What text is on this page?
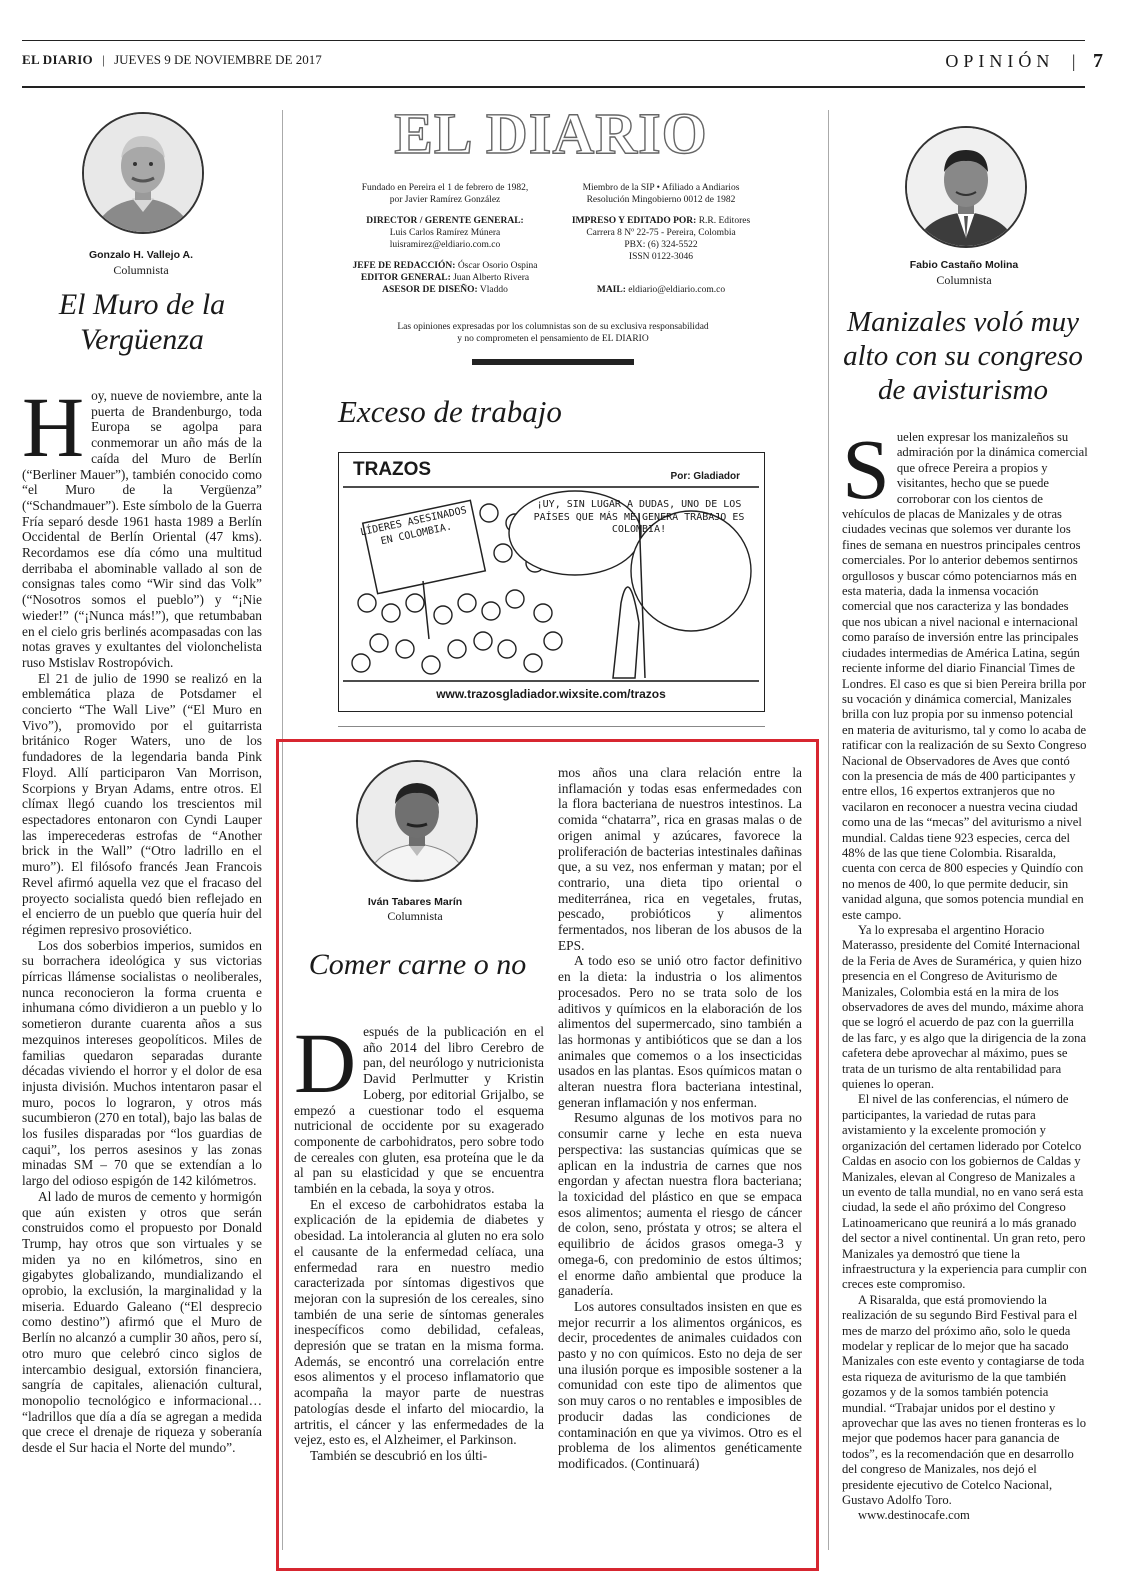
EL DIARIO | JUEVES 9 DE NOVIEMBRE DE 2017	OPINIÓN | 7
Gonzalo H. Vallejo A.
Columnista
El Muro de la
Vergüenza

Hoy, nueve de noviembre, ante la puerta de Brandenburgo, toda Europa se agolpa para conmemorar un año más de la caída del Muro de Berlín (“Berliner Mauer”), también conocido como “el Muro de la Vergüenza” (“Schandmauer”). Este símbolo de la Guerra Fría separó desde 1961 hasta 1989 a Berlín Occidental de Berlín Oriental (47 kms). Recordamos ese día cómo una multitud derribaba el abominable vallado al son de consignas tales como “Wir sind das Volk” (“Nosotros somos el pueblo”) y “¡Nie wieder!” (“¡Nunca más!”), que retumbaban en el cielo gris berlinés acompasadas con las notas graves y exultantes del violonchelista ruso Mstislav Rostropóvich.

El 21 de julio de 1990 se realizó en la emblemática plaza de Potsdamer el concierto “The Wall Live” (“El Muro en Vivo”), promovido por el guitarrista británico Roger Waters, uno de los fundadores de la legendaria banda Pink Floyd. Allí participaron Van Morrison, Scorpions y Bryan Adams, entre otros. El clímax llegó cuando los trescientos mil espectadores entonaron con Cyndi Lauper las imperecederas estrofas de “Another brick in the Wall” (“Otro ladrillo en el muro”). El filósofo francés Jean Francois Revel afirmó aquella vez que el fracaso del proyecto socialista quedó bien reflejado en el encierro de un pueblo que quería huir del régimen represivo prosoviético.

Los dos soberbios imperios, sumidos en su borrachera ideológica y sus victorias pírricas llámense socialistas o neoliberales, nunca reconocieron la forma cruenta e inhumana cómo dividieron a un pueblo y lo sometieron durante cuarenta años a sus mezquinos intereses geopolíticos. Miles de familias quedaron separadas durante décadas viviendo el horror y el dolor de esa injusta división. Muchos intentaron pasar el muro, pocos lo lograron, y otros más sucumbieron (270 en total), bajo las balas de los fusiles disparadas por “los guardias de caqui”, los perros asesinos y las zonas minadas SM – 70 que se extendían a lo largo del odioso espigón de 142 kilómetros.

Al lado de muros de cemento y hormigón que aún existen y otros que serán construidos como el propuesto por Donald Trump, hay otros que son virtuales y se miden ya no en kilómetros, sino en gigabytes globalizando, mundializando el oprobio, la exclusión, la marginalidad y la miseria. Eduardo Galeano (“El desprecio como destino”) afirmó que el Muro de Berlín no alcanzó a cumplir 30 años, pero sí, otro muro que celebró cinco siglos de intercambio desigual, extorsión financiera, sangría de capitales, alienación cultural, monopolio tecnológico e informacional… “ladrillos que día a día se agregan a medida que crece el drenaje de riqueza y soberanía desde el Sur hacia el Norte del mundo”.

EL DIARIO
Fundado en Pereira el 1 de febrero de 1982,
por Javier Ramírez González
DIRECTOR / GERENTE GENERAL:
Luis Carlos Ramírez Múnera
luisramirez@eldiario.com.co
JEFE DE REDACCIÓN: Óscar Osorio Ospina
EDITOR GENERAL: Juan Alberto Rivera
ASESOR DE DISEÑO: Vladdo
Miembro de la SIP • Afiliado a Andiarios
Resolución Mingobierno 0012 de 1982
IMPRESO Y EDITADO POR: R.R. Editores
Carrera 8 Nº 22-75 - Pereira, Colombia
PBX: (6) 324-5522
ISSN 0122-3046
MAIL: eldiario@eldiario.com.co
Las opiniones expresadas por los columnistas son de su exclusiva responsabilidad
y no comprometen el pensamiento de EL DIARIO
Exceso de trabajo
TRAZOS	Por: Gladiador
LÍDERES ASESINADOS EN COLOMBIA.
¡UY, SIN LUGAR A DUDAS, UNO DE LOS PAÍSES QUE MÁS ME GENERA TRABAJO ES COLOMBIA!
www.trazosgladiador.wixsite.com/trazos
Iván Tabares Marín
Columnista
Comer carne o no

Después de la publicación en el año 2014 del libro Cerebro de pan, del neurólogo y nutricionista David Perlmutter y Kristin Loberg, por editorial Grijalbo, se empezó a cuestionar todo el esquema nutricional de occidente por su exagerado componente de carbohidratos, pero sobre todo de cereales con gluten, esa proteína que le da al pan su elasticidad y que se encuentra también en la cebada, la soya y otros.

En el exceso de carbohidratos estaba la explicación de la epidemia de diabetes y obesidad. La intolerancia al gluten no era solo el causante de la enfermedad celíaca, una enfermedad rara en nuestro medio caracterizada por síntomas digestivos que mejoran con la supresión de los cereales, sino también de una serie de síntomas generales inespecíficos como debilidad, cefaleas, depresión que se tratan en la misma forma. Además, se encontró una correlación entre esos alimentos y el proceso inflamatorio que acompaña la mayor parte de nuestras patologías desde el infarto del miocardio, la artritis, el cáncer y las enfermedades de la vejez, esto es, el Alzheimer, el Parkinson.

También se descubrió en los últi-

mos años una clara relación entre la inflamación y todas esas enfermedades con la flora bacteriana de nuestros intestinos. La comida “chatarra”, rica en grasas malas o de origen animal y azúcares, favorece la proliferación de bacterias intestinales dañinas que, a su vez, nos enferman y matan; por el contrario, una dieta tipo oriental o mediterránea, rica en vegetales, frutas, pescado, probióticos y alimentos fermentados, nos liberan de los abusos de la EPS.

A todo eso se unió otro factor definitivo en la dieta: la industria o los alimentos procesados. Pero no se trata solo de los aditivos y químicos en la elaboración de los alimentos del supermercado, sino también a las hormonas y antibióticos que se dan a los animales que comemos o a los insecticidas usados en las plantas. Esos químicos matan o alteran nuestra flora bacteriana intestinal, generan inflamación y nos enferman.

Resumo algunas de los motivos para no consumir carne y leche en esta nueva perspectiva: las sustancias químicas que se aplican en la industria de carnes que nos engordan y afectan nuestra flora bacteriana; la toxicidad del plástico en que se empaca esos alimentos; aumenta el riesgo de cáncer de colon, seno, próstata y otros; se altera el equilibrio de ácidos grasos omega-3 y omega-6, con predominio de estos últimos; el enorme daño ambiental que produce la ganadería.

Los autores consultados insisten en que es mejor recurrir a los alimentos orgánicos, es decir, procedentes de animales cuidados con pasto y no con químicos. Esto no deja de ser una ilusión porque es imposible sostener a la comunidad con este tipo de alimentos que son muy caros o no rentables e imposibles de producir dadas las condiciones de contaminación en que ya vivimos. Otro es el problema de los alimentos genéticamente modificados. (Continuará)

Fabio Castaño Molina
Columnista
Manizales voló muy
alto con su congreso
de avisturismo

Suelen expresar los manizaleños su admiración por la dinámica comercial que ofrece Pereira a propios y visitantes, hecho que se puede corroborar con los cientos de vehículos de placas de Manizales y de otras ciudades vecinas que solemos ver durante los fines de semana en nuestros principales centros comerciales. Por lo anterior debemos sentirnos orgullosos y buscar cómo potenciarnos más en esta materia, dada la inmensa vocación comercial que nos caracteriza y las bondades que nos ubican a nivel nacional e internacional como paraíso de inversión entre las principales ciudades intermedias de América Latina, según reciente informe del diario Financial Times de Londres. El caso es que si bien Pereira brilla por su vocación y dinámica comercial, Manizales brilla con luz propia por su inmenso potencial en materia de aviturismo, tal y como lo acaba de ratificar con la realización de su Sexto Congreso Nacional de Observadores de Aves que contó con la presencia de más de 400 participantes y entre ellos, 16 expertos extranjeros que no vacilaron en reconocer a nuestra vecina ciudad como una de las “mecas” del aviturismo a nivel mundial. Caldas tiene 923 especies, cerca del 48% de las que tiene Colombia. Risaralda, cuenta con cerca de 800 especies y Quindío con no menos de 400, lo que permite deducir, sin vanidad alguna, que somos potencia mundial en este campo.

Ya lo expresaba el argentino Horacio Materasso, presidente del Comité Internacional de la Feria de Aves de Suramérica, y quien hizo presencia en el Congreso de Aviturismo de Manizales, Colombia está en la mira de los observadores de aves del mundo, máxime ahora que se logró el acuerdo de paz con la guerrilla de las farc, y es algo que la dirigencia de la zona cafetera debe aprovechar al máximo, pues se trata de un turismo de alta rentabilidad para quienes lo operan.

El nivel de las conferencias, el número de participantes, la variedad de rutas para avistamiento y la excelente promoción y organización del certamen liderado por Cotelco Caldas en asocio con los gobiernos de Caldas y Manizales, elevan al Congreso de Manizales a un evento de talla mundial, no en vano será esta ciudad, la sede el año próximo del Congreso Latinoamericano que reunirá a lo más granado del sector a nivel continental. Un gran reto, pero Manizales ya demostró que tiene la infraestructura y la experiencia para cumplir con creces este compromiso.

A Risaralda, que está promoviendo la realización de su segundo Bird Festival para el mes de marzo del próximo año, solo le queda modelar y replicar de lo mejor que ha sacado Manizales con este evento y contagiarse de toda esta riqueza de aviturismo de la que también gozamos y de la somos también potencia mundial. “Trabajar unidos por el destino y aprovechar que las aves no tienen fronteras es lo mejor que podemos hacer para ganancia de todos”, es la recomendación que en desarrollo del congreso de Manizales, nos dejó el presidente ejecutivo de Cotelco Nacional, Gustavo Adolfo Toro.

www.destinocafe.com
